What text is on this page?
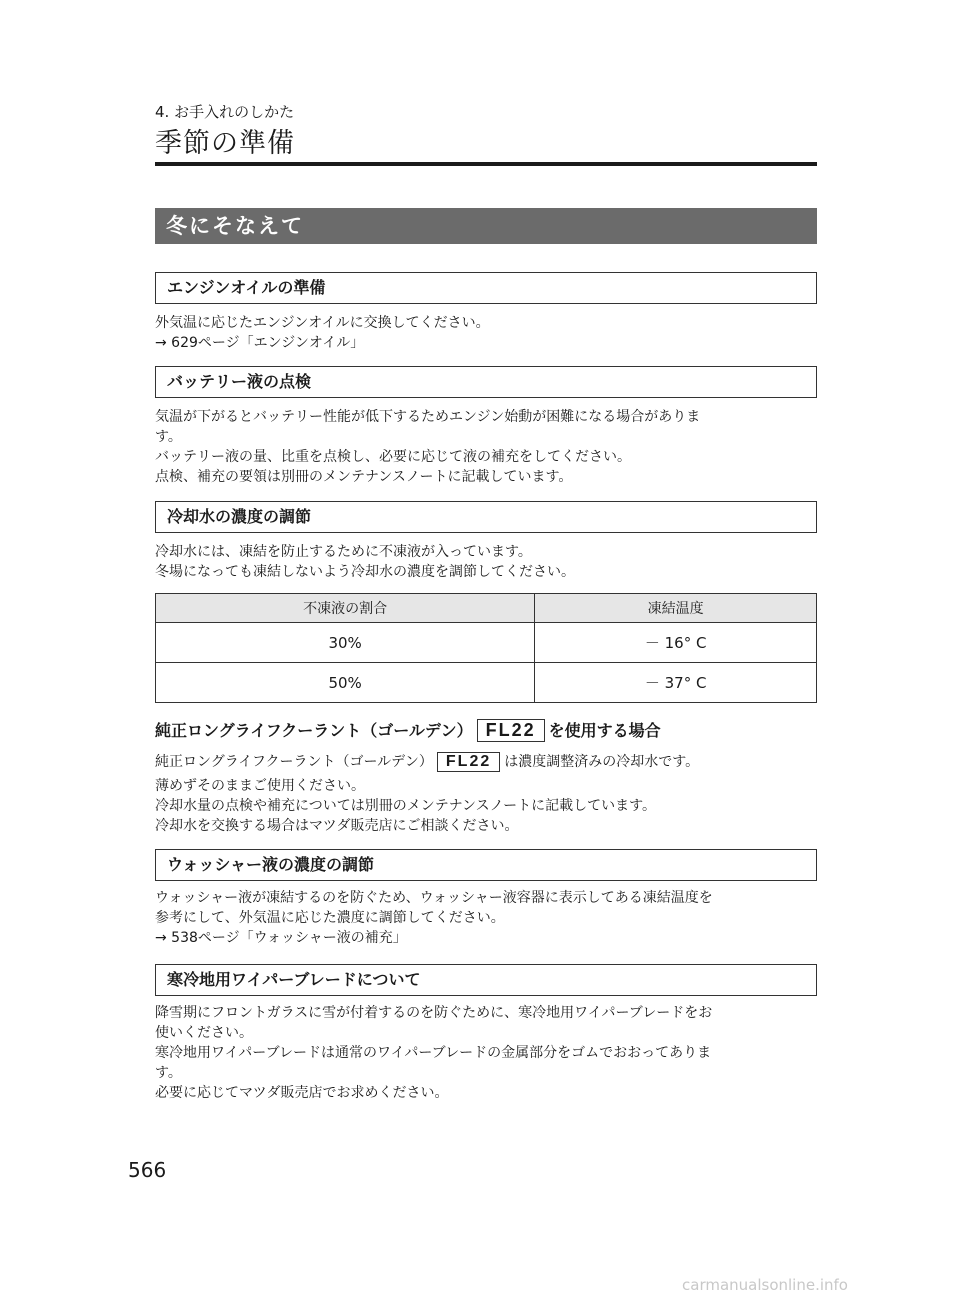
4. お手入れのしかた
季節の準備
冬にそなえて
エンジンオイルの準備
外気温に応じたエンジンオイルに交換してください。
→ 629ページ「エンジンオイル」
バッテリー液の点検
気温が下がるとバッテリー性能が低下するためエンジン始動が困難になる場合がありま
す。
バッテリー液の量、比重を点検し、必要に応じて液の補充をしてください。
点検、補充の要領は別冊のメンテナンスノートに記載しています。
冷却水の濃度の調節
冷却水には、凍結を防止するために不凍液が入っています。
冬場になっても凍結しないよう冷却水の濃度を調節してください。
不凍液の割合	凍結温度
30%	－ 16° C
50%	－ 37° C
純正ロングライフクーラント（ゴールデン） FL22 を使用する場合
純正ロングライフクーラント（ゴールデン） FL22 は濃度調整済みの冷却水です。
薄めずそのままご使用ください。
冷却水量の点検や補充については別冊のメンテナンスノートに記載しています。
冷却水を交換する場合はマツダ販売店にご相談ください。
ウォッシャー液の濃度の調節
ウォッシャー液が凍結するのを防ぐため、ウォッシャー液容器に表示してある凍結温度を
参考にして、外気温に応じた濃度に調節してください。
→ 538ページ「ウォッシャー液の補充」
寒冷地用ワイパーブレードについて
降雪期にフロントガラスに雪が付着するのを防ぐために、寒冷地用ワイパーブレードをお
使いください。
寒冷地用ワイパーブレードは通常のワイパーブレードの金属部分をゴムでおおってありま
す。
必要に応じてマツダ販売店でお求めください。
566
carmanualsonline.info
